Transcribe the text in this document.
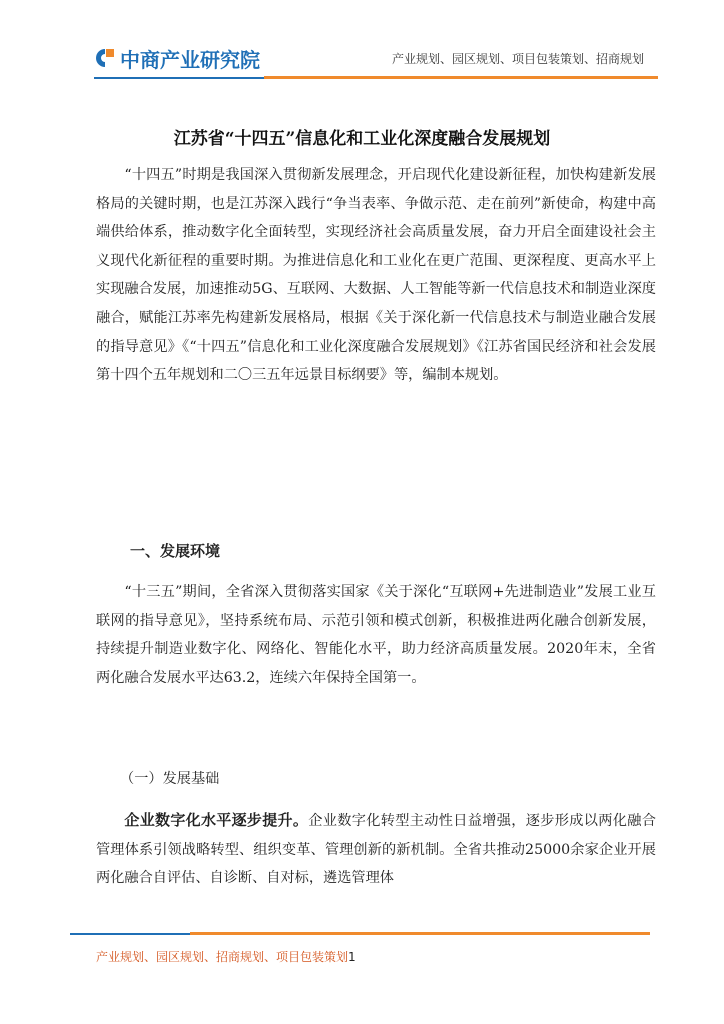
中商产业研究院	产业规划、园区规划、项目包装策划、招商规划
江苏省“十四五”信息化和工业化深度融合发展规划

“十四五”时期是我国深入贯彻新发展理念，开启现代化建设新征程，加快构建新发展格局的关键时期，也是江苏深入践行“争当表率、争做示范、走在前列”新使命，构建中高端供给体系，推动数字化全面转型，实现经济社会高质量发展，奋力开启全面建设社会主义现代化新征程的重要时期。为推进信息化和工业化在更广范围、更深程度、更高水平上实现融合发展，加速推动5G、互联网、大数据、人工智能等新一代信息技术和制造业深度融合，赋能江苏率先构建新发展格局，根据《关于深化新一代信息技术与制造业融合发展的指导意见》《“十四五”信息化和工业化深度融合发展规划》《江苏省国民经济和社会发展第十四个五年规划和二〇三五年远景目标纲要》等，编制本规划。

一、发展环境

“十三五”期间，全省深入贯彻落实国家《关于深化“互联网+先进制造业”发展工业互联网的指导意见》，坚持系统布局、示范引领和模式创新，积极推进两化融合创新发展，持续提升制造业数字化、网络化、智能化水平，助力经济高质量发展。2020年末，全省两化融合发展水平达63.2，连续六年保持全国第一。

（一）发展基础

企业数字化水平逐步提升。企业数字化转型主动性日益增强，逐步形成以两化融合管理体系引领战略转型、组织变革、管理创新的新机制。全省共推动25000余家企业开展两化融合自评估、自诊断、自对标，遴选管理体

产业规划、园区规划、招商规划、项目包装策划1
